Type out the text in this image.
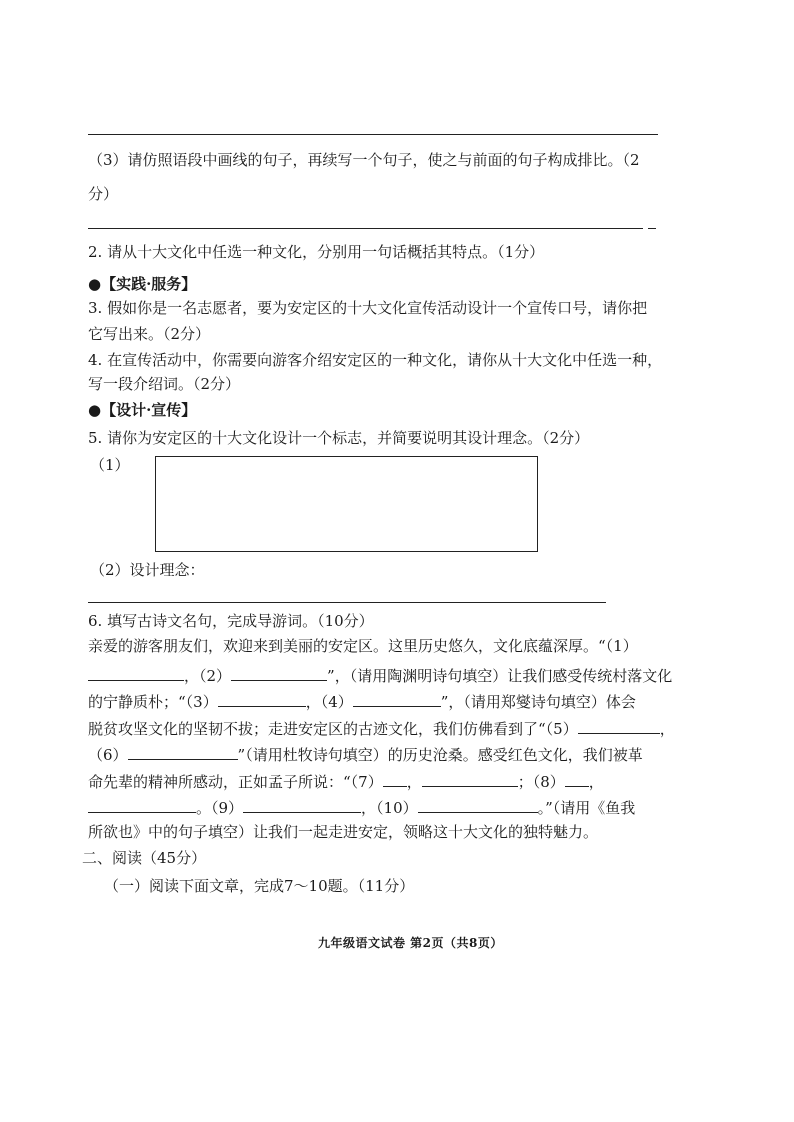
（3）请仿照语段中画线的句子，再续写一个句子，使之与前面的句子构成排比。（2
分）
2. 请从十大文化中任选一种文化，分别用一句话概括其特点。（1分）
●【实践·服务】
3. 假如你是一名志愿者，要为安定区的十大文化宣传活动设计一个宣传口号，请你把
它写出来。（2分）
4. 在宣传活动中，你需要向游客介绍安定区的一种文化，请你从十大文化中任选一种，
写一段介绍词。（2分）
●【设计·宣传】
5. 请你为安定区的十大文化设计一个标志，并简要说明其设计理念。（2分）
（1）
（2）设计理念：
6. 填写古诗文名句，完成导游词。（10分）
亲爱的游客朋友们，欢迎来到美丽的安定区。这里历史悠久，文化底蕴深厚。“（1）
，（2）	”，（请用陶渊明诗句填空）让我们感受传统村落文化
的宁静质朴；“（3）	，（4）	”，（请用郑燮诗句填空）体会
脱贫攻坚文化的坚韧不拔；走进安定区的古迹文化，我们仿佛看到了“（5）	，
（6）	”（请用杜牧诗句填空）的历史沧桑。感受红色文化，我们被革
命先辈的精神所感动，正如孟子所说：“（7） ，	；（8） ，
。（9）	，（10）	。”（请用《鱼我
所欲也》中的句子填空）让我们一起走进安定，领略这十大文化的独特魅力。
二、阅读（45分）
（一）阅读下面文章，完成7～10题。（11分）
九年级语文试卷 第2页（共8页）
